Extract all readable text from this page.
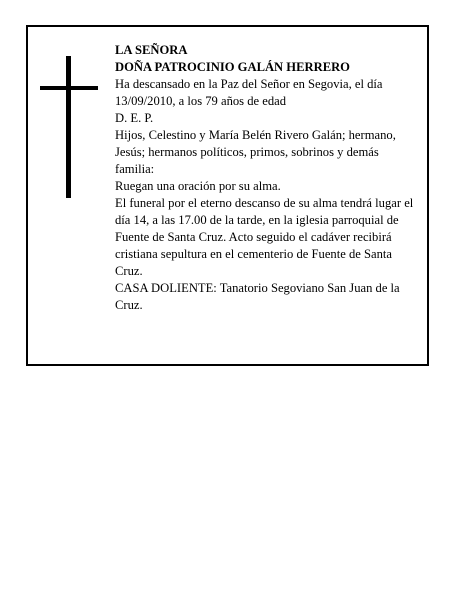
LA SEÑORA

DOÑA PATROCINIO GALÁN HERRERO

Ha descansado en la Paz del Señor en Segovia, el día 13/09/2010, a los 79 años de edad

D. E. P.

Hijos, Celestino y María Belén Rivero Galán; hermano, Jesús; hermanos políticos, primos, sobrinos y demás familia:

Ruegan una oración por su alma.

El funeral por el eterno descanso de su alma tendrá lugar el día 14, a las 17.00 de la tarde, en la iglesia parroquial de Fuente de Santa Cruz. Acto seguido el cadáver recibirá cristiana sepultura en el cementerio de Fuente de Santa Cruz.

CASA DOLIENTE: Tanatorio Segoviano San Juan de la Cruz.
